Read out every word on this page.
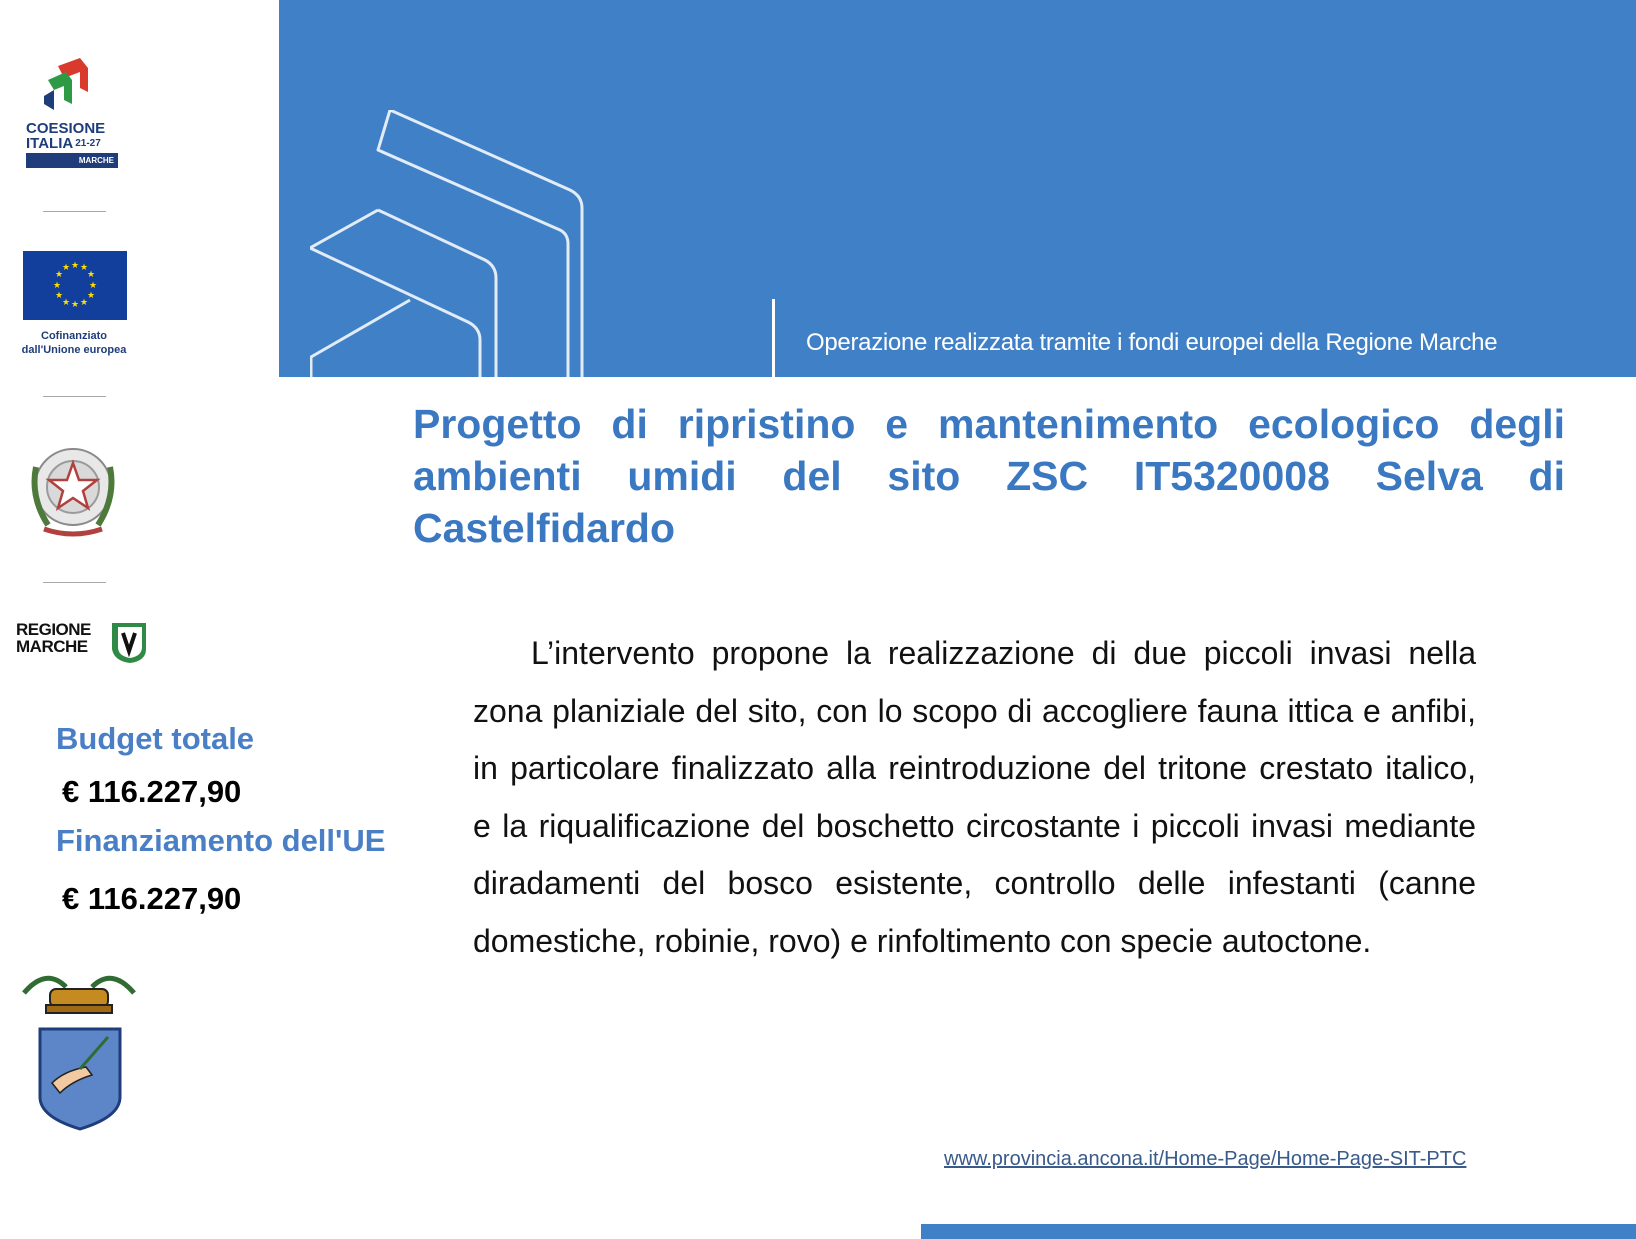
Operazione realizzata tramite i fondi europei della Regione Marche
COESIONE
ITALIA $^{21-27}$
MARCHE
★ ★
★
★
★
★
★
★
★
★
★
★
Cofinanziato
dall'Unione europea
REGIONE
MARCHE
Budget totale
€ 116.227,90
Finanziamento dell'UE
€ 116.227,90
Progetto di ripristino e mantenimento ecologico degli ambienti umidi del sito ZSC IT5320008 Selva di Castelfidardo
L’intervento propone la realizzazione di due piccoli invasi nella zona planiziale del sito, con lo scopo di accogliere fauna ittica e anfibi, in particolare finalizzato alla reintroduzione del tritone crestato italico, e la riqualificazione del boschetto circostante i piccoli invasi mediante diradamenti del bosco esistente, controllo delle infestanti (canne domestiche, robinie, rovo) e rinfoltimento con specie autoctone.
www.provincia.ancona.it/Home-Page/Home-Page-SIT-PTC
